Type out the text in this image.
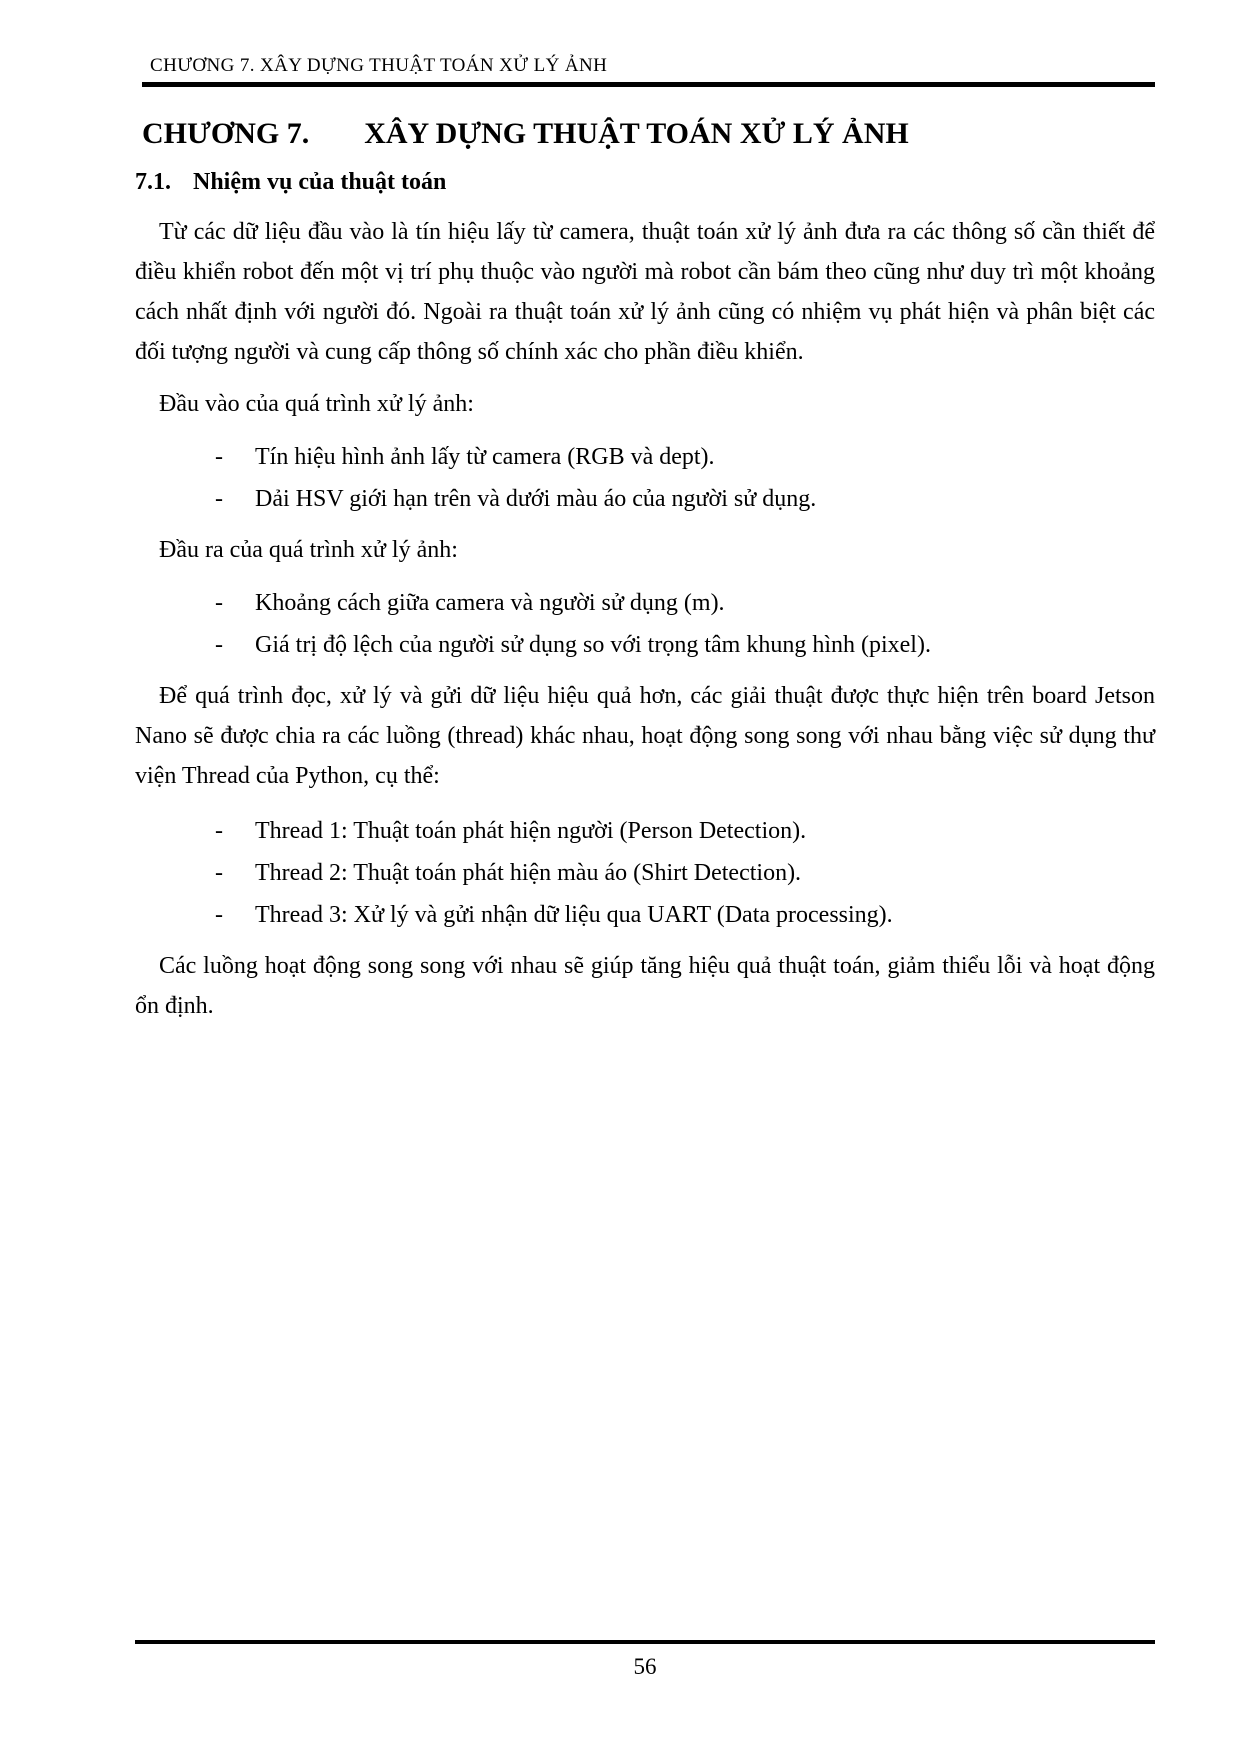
CHƯƠNG 7. XÂY DỰNG THUẬT TOÁN XỬ LÝ ẢNH
CHƯƠNG 7. XÂY DỰNG THUẬT TOÁN XỬ LÝ ẢNH
7.1. Nhiệm vụ của thuật toán

Từ các dữ liệu đầu vào là tín hiệu lấy từ camera, thuật toán xử lý ảnh đưa ra các thông số cần thiết để điều khiển robot đến một vị trí phụ thuộc vào người mà robot cần bám theo cũng như duy trì một khoảng cách nhất định với người đó. Ngoài ra thuật toán xử lý ảnh cũng có nhiệm vụ phát hiện và phân biệt các đối tượng người và cung cấp thông số chính xác cho phần điều khiển.

Đầu vào của quá trình xử lý ảnh:

- Tín hiệu hình ảnh lấy từ camera (RGB và dept).
- Dải HSV giới hạn trên và dưới màu áo của người sử dụng.

Đầu ra của quá trình xử lý ảnh:

- Khoảng cách giữa camera và người sử dụng (m).
- Giá trị độ lệch của người sử dụng so với trọng tâm khung hình (pixel).

Để quá trình đọc, xử lý và gửi dữ liệu hiệu quả hơn, các giải thuật được thực hiện trên board Jetson Nano sẽ được chia ra các luồng (thread) khác nhau, hoạt động song song với nhau bằng việc sử dụng thư viện Thread của Python, cụ thể:

- Thread 1: Thuật toán phát hiện người (Person Detection).
- Thread 2: Thuật toán phát hiện màu áo (Shirt Detection).
- Thread 3: Xử lý và gửi nhận dữ liệu qua UART (Data processing).

Các luồng hoạt động song song với nhau sẽ giúp tăng hiệu quả thuật toán, giảm thiểu lỗi và hoạt động ổn định.

56
